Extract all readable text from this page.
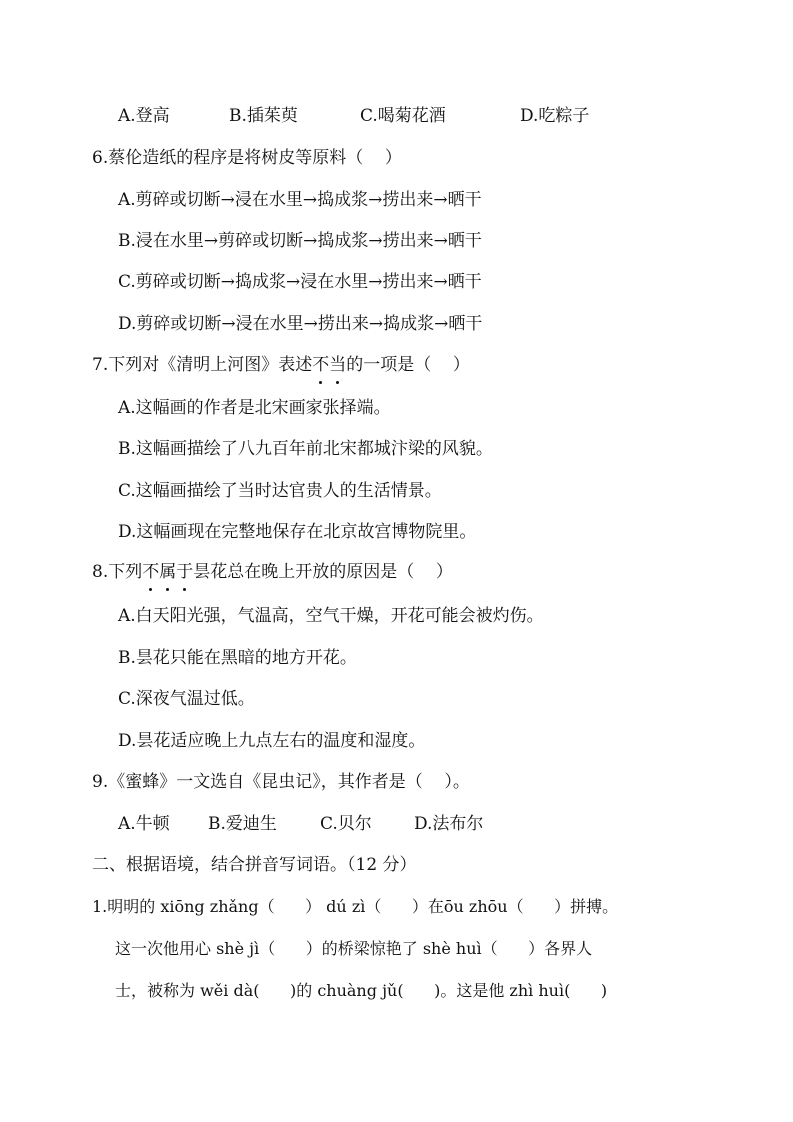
A.登高	B.插茱萸	C.喝菊花酒	D.吃粽子
6.蔡伦造纸的程序是将树皮等原料（    ）
A.剪碎或切断→浸在水里→捣成浆→捞出来→晒干
B.浸在水里→剪碎或切断→捣成浆→捞出来→晒干
C.剪碎或切断→捣成浆→浸在水里→捞出来→晒干
D.剪碎或切断→浸在水里→捞出来→捣成浆→晒干
7.下列对《清明上河图》表述不当的一项是（    ）
A.这幅画的作者是北宋画家张择端。
B.这幅画描绘了八九百年前北宋都城汴梁的风貌。
C.这幅画描绘了当时达官贵人的生活情景。
D.这幅画现在完整地保存在北京故宫博物院里。
8.下列不属于昙花总在晚上开放的原因是（    ）
A.白天阳光强，气温高，空气干燥，开花可能会被灼伤。
B.昙花只能在黑暗的地方开花。
C.深夜气温过低。
D.昙花适应晚上九点左右的温度和湿度。
9.《蜜蜂》一文选自《昆虫记》，其作者是（    ）。
A.牛顿 B.爱迪生	C.贝尔 D.法布尔
二、根据语境，结合拼音写词语。（12 分）
1.明明的 xiōng zhǎng（      ） dú zì（      ）在ōu zhōu（      ）拼搏。
这一次他用心 shè jì（      ）的桥梁惊艳了 shè huì（      ）各界人
士，被称为 wěi dà(      )的 chuàng jǔ(      )。这是他 zhì huì(      )
